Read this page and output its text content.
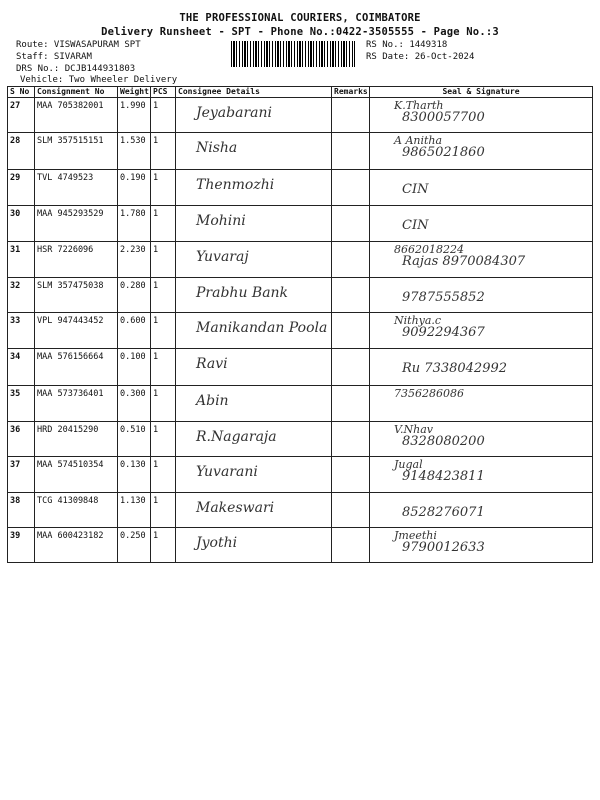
THE PROFESSIONAL COURIERS, COIMBATORE
Delivery Runsheet - SPT - Phone No.:0422-3505555 - Page No.:3
Route: VISWASAPURAM SPT
Staff: SIVARAM
DRS No.: DCJB144931803
Vehicle: Two Wheeler Delivery
RS No.: 1449318
RS Date: 26-Oct-2024
S No	Consignment No	Weight	PCS	Consignee Details	Remarks	Seal & Signature
27	MAA 705382001	1.990	1	Jeyabarani		K.Tharth
8300057700

28	SLM 357515151	1.530	1	Nisha		A Anitha
9865021860

29	TVL 4749523	0.190	1	Thenmozhi		CIN

30	MAA 945293529	1.780	1	Mohini		CIN

31	HSR 7226096	2.230	1	Yuvaraj		8662018224
Rajas 8970084307

32	SLM 357475038	0.280	1	Prabhu Bank		9787555852

33	VPL 947443452	0.600	1	Manikandan Poola		Nithya.c
9092294367

34	MAA 576156664	0.100	1	Ravi		Ru 7338042992

35	MAA 573736401	0.300	1	Abin		7356286086

36	HRD 20415290	0.510	1	R.Nagaraja		V.Nhav
8328080200

37	MAA 574510354	0.130	1	Yuvarani		Jugal
9148423811

38	TCG 41309848	1.130	1	Makeswari		8528276071

39	MAA 600423182	0.250	1	Jyothi		Jmeethi
9790012633
